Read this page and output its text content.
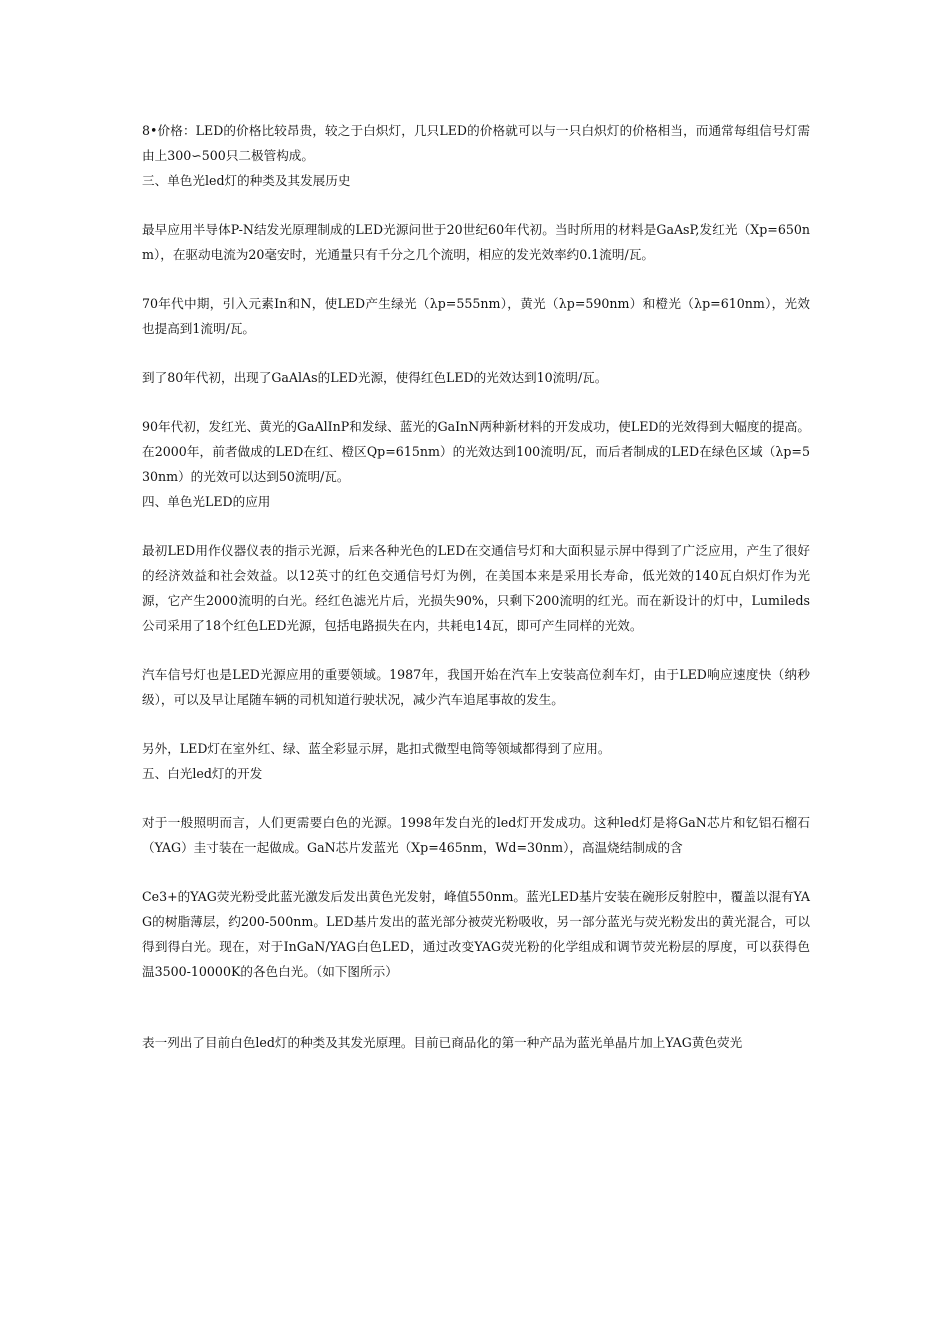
8•价格：LED的价格比较昂贵，较之于白炽灯，几只LED的价格就可以与一只白炽灯的价格相当，而通常每组信号灯需由上300∽500只二极管构成。

三、单色光led灯的种类及其发展历史

最早应用半导体P-N结发光原理制成的LED光源问世于20世纪60年代初。当时所用的材料是GaAsP,发红光（Xp=650nm），在驱动电流为20毫安时，光通量只有千分之几个流明，相应的发光效率约0.1流明/瓦。

70年代中期，引入元素In和N，使LED产生绿光（λp=555nm），黄光（λp=590nm）和橙光（λp=610nm），光效也提高到1流明/瓦。

到了80年代初，出现了GaAlAs的LED光源，使得红色LED的光效达到10流明/瓦。

90年代初，发红光、黄光的GaAlInP和发绿、蓝光的GaInN两种新材料的开发成功，使LED的光效得到大幅度的提高。在2000年，前者做成的LED在红、橙区Qp=615nm）的光效达到100流明/瓦，而后者制成的LED在绿色区域（λp=530nm）的光效可以达到50流明/瓦。

四、单色光LED的应用

最初LED用作仪器仪表的指示光源，后来各种光色的LED在交通信号灯和大面积显示屏中得到了广泛应用，产生了很好的经济效益和社会效益。以12英寸的红色交通信号灯为例，在美国本来是采用长寿命，低光效的140瓦白炽灯作为光源，它产生2000流明的白光。经红色滤光片后，光损失90%，只剩下200流明的红光。而在新设计的灯中，Lumileds公司采用了18个红色LED光源，包括电路损失在内，共耗电14瓦，即可产生同样的光效。

汽车信号灯也是LED光源应用的重要领域。1987年，我国开始在汽车上安装高位刹车灯，由于LED响应速度快（纳秒级），可以及早让尾随车辆的司机知道行驶状况，减少汽车追尾事故的发生。

另外，LED灯在室外红、绿、蓝全彩显示屏，匙扣式微型电筒等领域都得到了应用。

五、白光led灯的开发

对于一般照明而言，人们更需要白色的光源。1998年发白光的led灯开发成功。这种led灯是将GaN芯片和钇铝石榴石（YAG）圭寸装在一起做成。GaN芯片发蓝光（Xp=465nm，Wd=30nm），高温烧结制成的含

Ce3+的YAG荧光粉受此蓝光激发后发出黄色光发射，峰值550nm。蓝光LED基片安装在碗形反射腔中，覆盖以混有YAG的树脂薄层，约200-500nm。LED基片发出的蓝光部分被荧光粉吸收，另一部分蓝光与荧光粉发出的黄光混合，可以得到得白光。现在，对于InGaN/YAG白色LED，通过改变YAG荧光粉的化学组成和调节荧光粉层的厚度，可以获得色温3500-10000K的各色白光。（如下图所示）

表一列出了目前白色led灯的种类及其发光原理。目前已商品化的第一种产品为蓝光单晶片加上YAG黄色荧光
